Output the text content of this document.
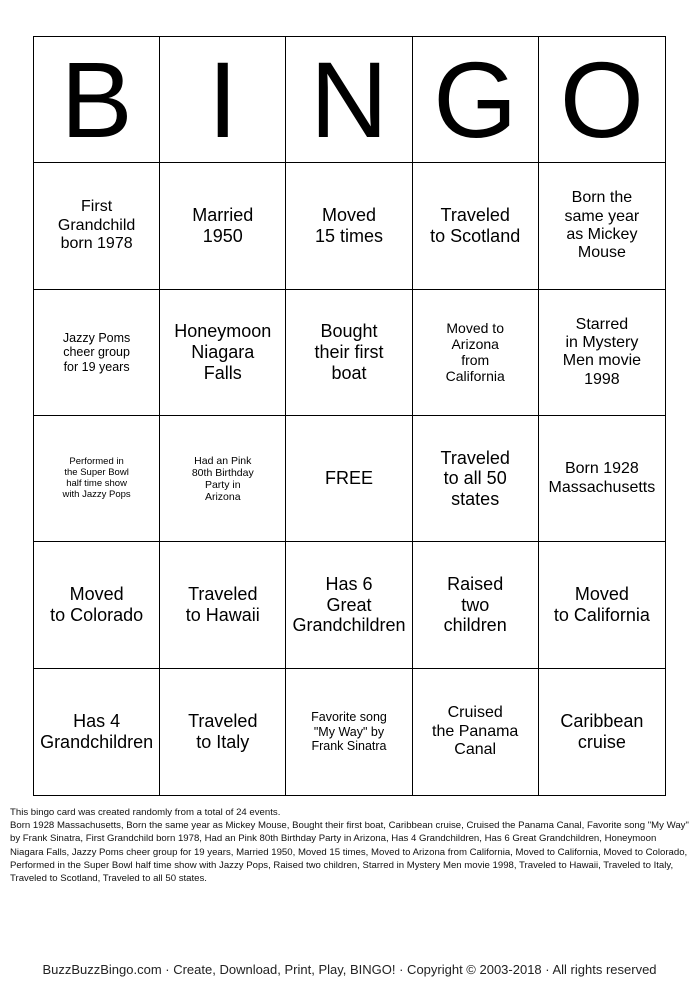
B I N G O
First
Grandchild
born 1978
Married
1950
Moved
15 times
Traveled
to Scotland
Born the
same year
as Mickey
Mouse
Jazzy Poms
cheer group
for 19 years
Honeymoon
Niagara
Falls
Bought
their first
boat
Moved to
Arizona
from
California
Starred
in Mystery
Men movie
1998
Performed in
the Super Bowl
half time show
with Jazzy Pops
Had an Pink
80th Birthday
Party in
Arizona
FREE
Traveled
to all 50
states
Born 1928
Massachusetts
Moved
to Colorado
Traveled
to Hawaii
Has 6
Great
Grandchildren
Raised
two
children
Moved
to California
Has 4
Grandchildren
Traveled
to Italy
Favorite song
"My Way" by
Frank Sinatra
Cruised
the Panama
Canal
Caribbean
cruise

This bingo card was created randomly from a total of 24 events.

Born 1928 Massachusetts, Born the same year as Mickey Mouse, Bought their first boat, Caribbean cruise, Cruised the Panama Canal, Favorite song "My Way" by Frank Sinatra, First Grandchild born 1978, Had an Pink 80th Birthday Party in Arizona, Has 4 Grandchildren, Has 6 Great Grandchildren, Honeymoon Niagara Falls, Jazzy Poms cheer group for 19 years, Married 1950, Moved 15 times, Moved to Arizona from California, Moved to California, Moved to Colorado, Performed in the Super Bowl half time show with Jazzy Pops, Raised two children, Starred in Mystery Men movie 1998, Traveled to Hawaii, Traveled to Italy, Traveled to Scotland, Traveled to all 50 states.

BuzzBuzzBingo.com · Create, Download, Print, Play, BINGO! · Copyright © 2003-2018 · All rights reserved
